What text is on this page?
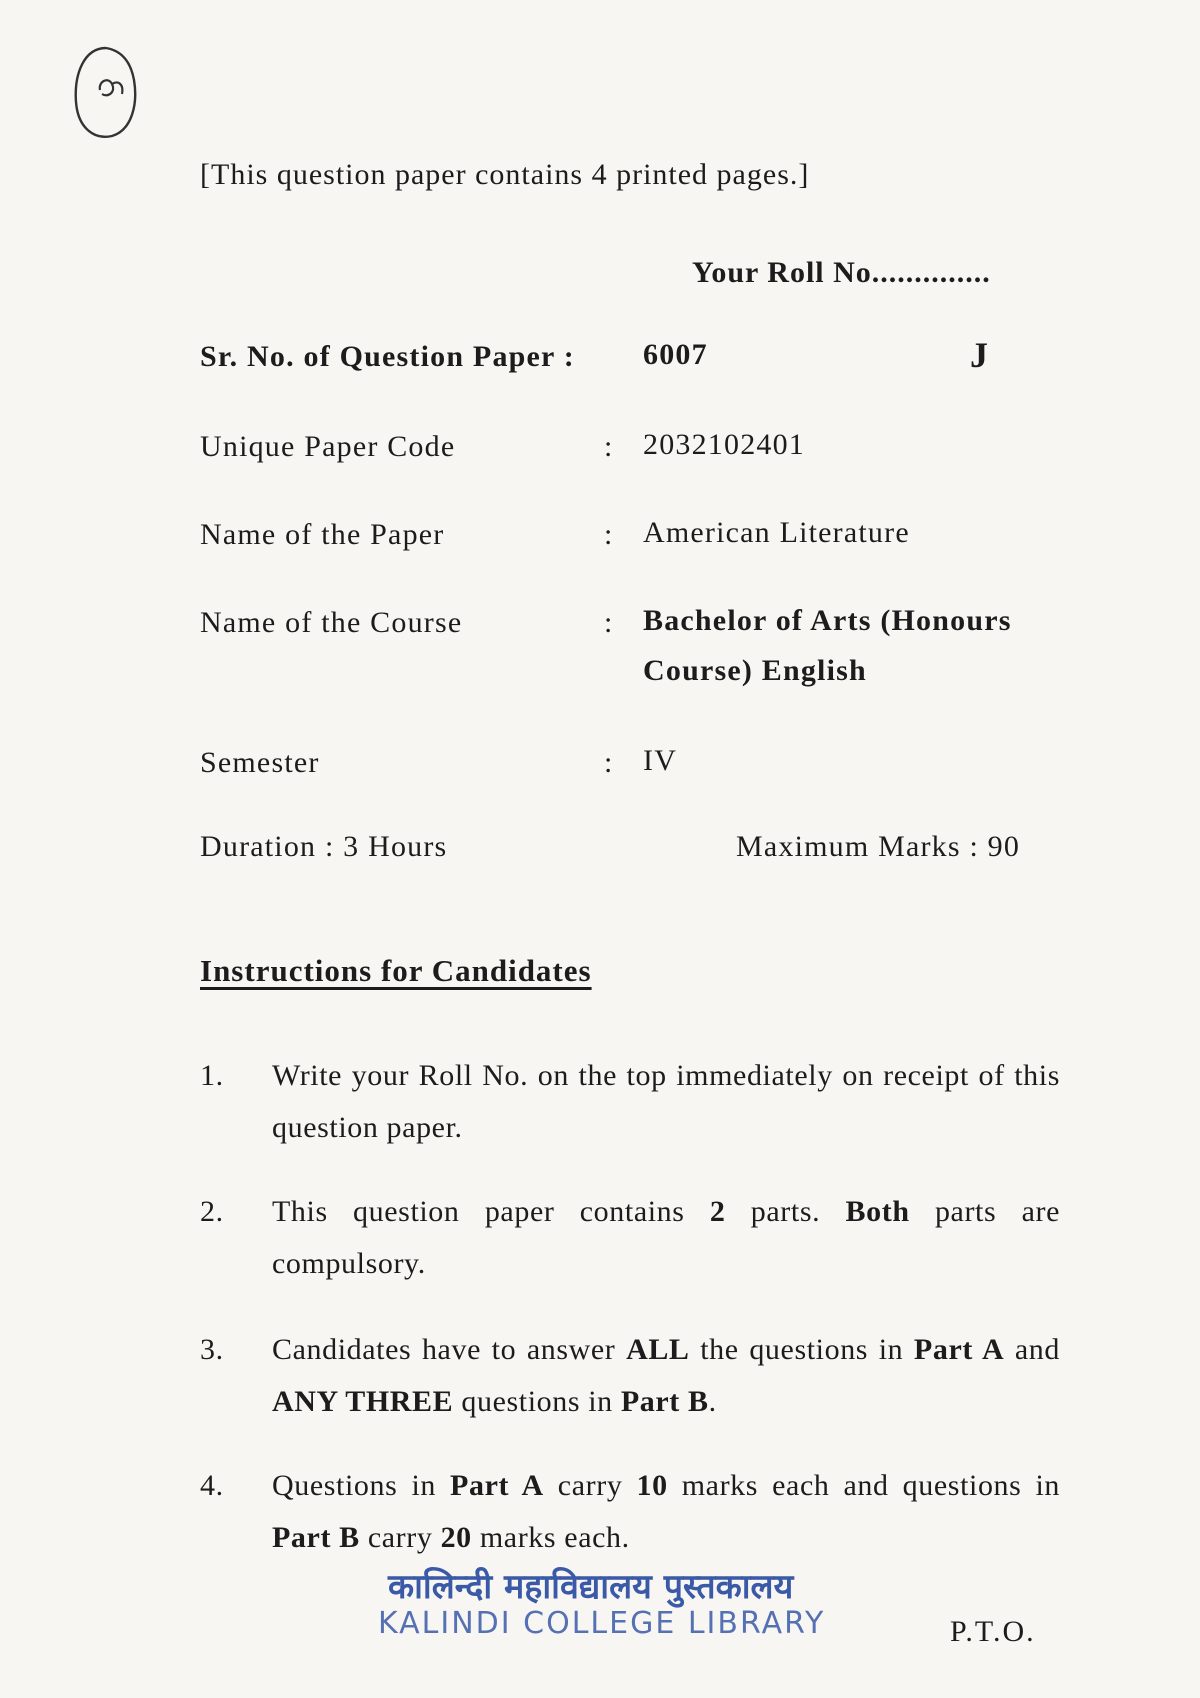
[This question paper contains 4 printed pages.]
Your Roll No..............
Sr. No. of Question Paper : 6007	J
Unique Paper Code	: 2032102401
Name of the Paper	: American Literature
Name of the Course	: Bachelor of Arts (Honours
Course) English
Semester	: IV
Duration : 3 Hours	Maximum Marks : 90
Instructions for Candidates
1. Write your Roll No. on the top immediately on receipt of this question paper.
2. This question paper contains 2 parts. Both parts are compulsory.
3. Candidates have to answer ALL the questions in Part A and ANY THREE questions in Part B.
4. Questions in Part A carry 10 marks each and questions in Part B carry 20 marks each.
कालिन्दी महाविद्यालय पुस्तकालय
KALINDI COLLEGE LIBRARY	P.T.O.
